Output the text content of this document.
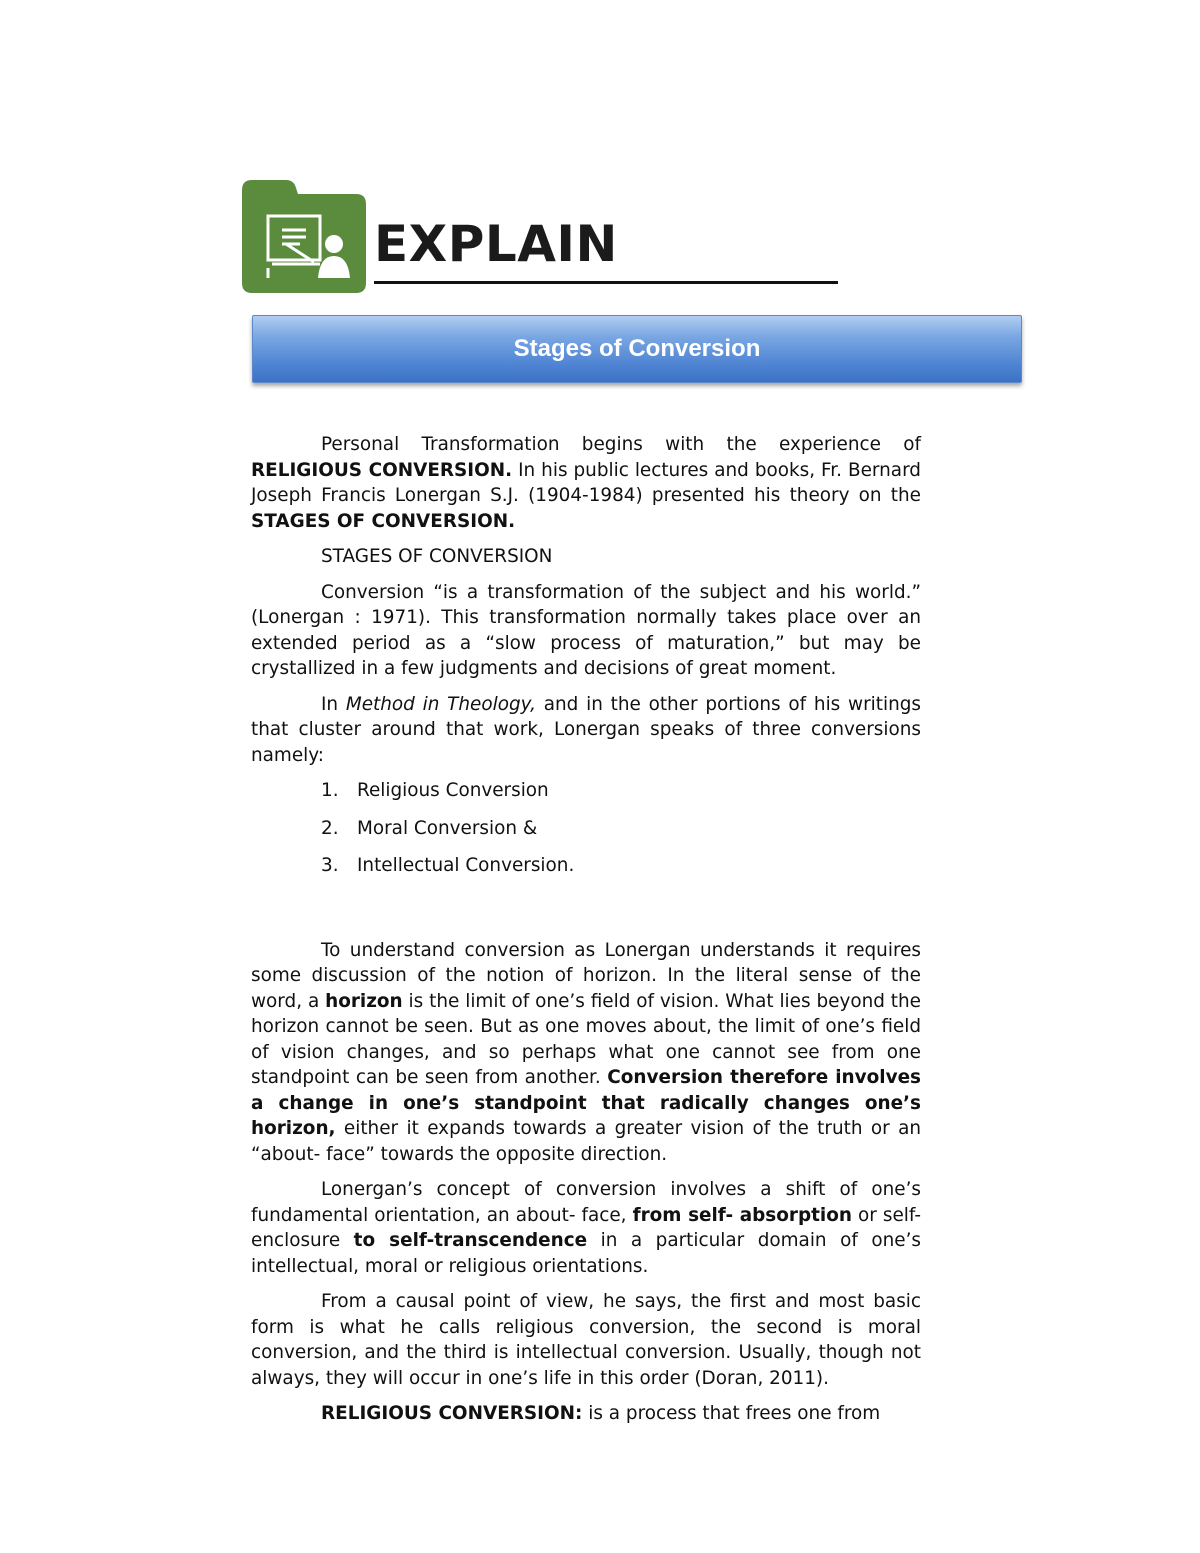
EXPLAIN
Stages of Conversion

Personal Transformation begins with the experience of RELIGIOUS CONVERSION. In his public lectures and books, Fr. Bernard Joseph Francis Lonergan S.J. (1904-1984) presented his theory on the STAGES OF CONVERSION.

STAGES OF CONVERSION

Conversion “is a transformation of the subject and his world.” (Lonergan : 1971). This transformation normally takes place over an extended period as a “slow process of maturation,” but may be crystallized in a few judgments and decisions of great moment.

In Method in Theology, and in the other portions of his writings that cluster around that work, Lonergan speaks of three conversions namely:

1.	Religious Conversion
2.	Moral Conversion &
3.	Intellectual Conversion.

To understand conversion as Lonergan understands it requires some discussion of the notion of horizon. In the literal sense of the word, a horizon is the limit of one’s field of vision. What lies beyond the horizon cannot be seen. But as one moves about, the limit of one’s field of vision changes, and so perhaps what one cannot see from one standpoint can be seen from another. Conversion therefore involves a change in one’s standpoint that radically changes one’s horizon, either it expands towards a greater vision of the truth or an “about- face” towards the opposite direction.

Lonergan’s concept of conversion involves a shift of one’s fundamental orientation, an about- face, from self- absorption or self-enclosure to self-transcendence in a particular domain of one’s intellectual, moral or religious orientations.

From a causal point of view, he says, the first and most basic form is what he calls religious conversion, the second is moral conversion, and the third is intellectual conversion. Usually, though not always, they will occur in one’s life in this order (Doran, 2011).

RELIGIOUS CONVERSION: is a process that frees one from
